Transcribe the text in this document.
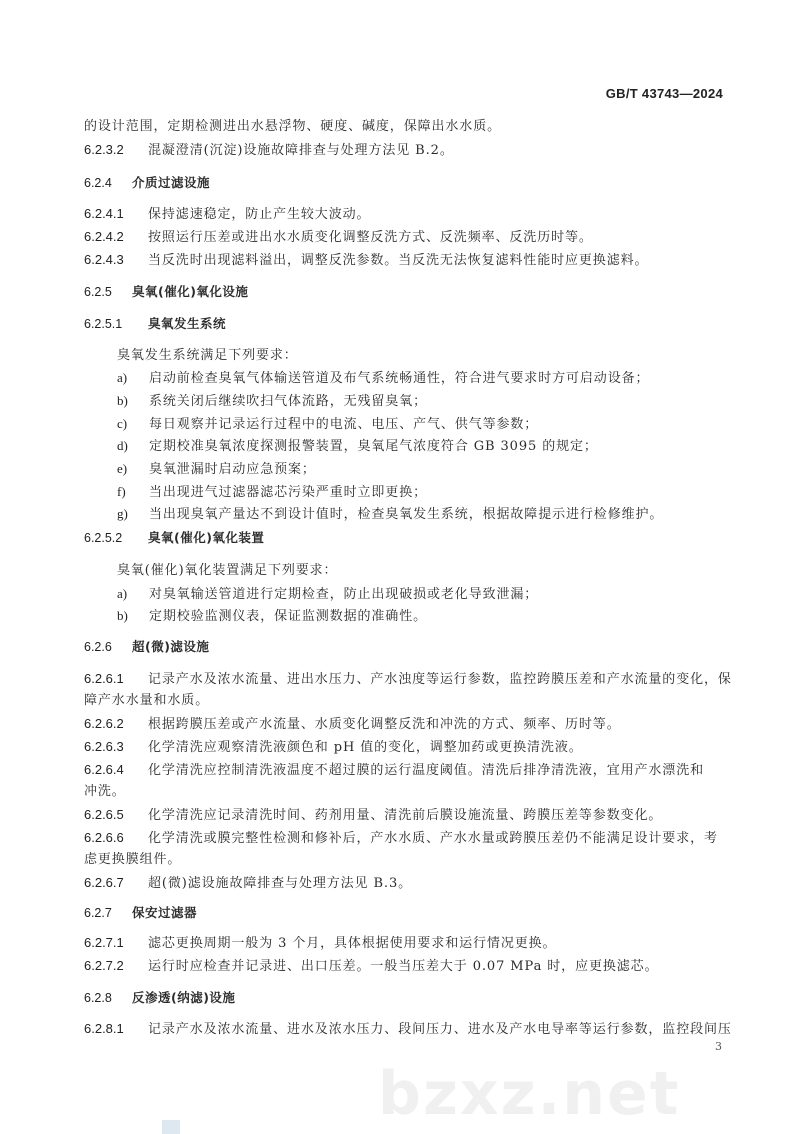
GB/T 43743—2024
的设计范围，定期检测进出水悬浮物、硬度、碱度，保障出水水质。
6.2.3.2 混凝澄清(沉淀)设施故障排查与处理方法见 B.2。
6.2.4 介质过滤设施
6.2.4.1 保持滤速稳定，防止产生较大波动。
6.2.4.2 按照运行压差或进出水水质变化调整反洗方式、反洗频率、反洗历时等。
6.2.4.3 当反洗时出现滤料溢出，调整反洗参数。当反洗无法恢复滤料性能时应更换滤料。
6.2.5 臭氧(催化)氧化设施
6.2.5.1 臭氧发生系统
臭氧发生系统满足下列要求：
a) 启动前检查臭氧气体输送管道及布气系统畅通性，符合进气要求时方可启动设备；
b) 系统关闭后继续吹扫气体流路，无残留臭氧；
c) 每日观察并记录运行过程中的电流、电压、产气、供气等参数；
d) 定期校准臭氧浓度探测报警装置，臭氧尾气浓度符合 GB 3095 的规定；
e) 臭氧泄漏时启动应急预案；
f) 当出现进气过滤器滤芯污染严重时立即更换；
g) 当出现臭氧产量达不到设计值时，检查臭氧发生系统，根据故障提示进行检修维护。
6.2.5.2 臭氧(催化)氧化装置
臭氧(催化)氧化装置满足下列要求：
a) 对臭氧输送管道进行定期检查，防止出现破损或老化导致泄漏；
b) 定期校验监测仪表，保证监测数据的准确性。
6.2.6 超(微)滤设施
6.2.6.1 记录产水及浓水流量、进出水压力、产水浊度等运行参数，监控跨膜压差和产水流量的变化，保
障产水水量和水质。
6.2.6.2 根据跨膜压差或产水流量、水质变化调整反洗和冲洗的方式、频率、历时等。
6.2.6.3 化学清洗应观察清洗液颜色和 pH 值的变化，调整加药或更换清洗液。
6.2.6.4 化学清洗应控制清洗液温度不超过膜的运行温度阈值。清洗后排净清洗液，宜用产水漂洗和
冲洗。
6.2.6.5 化学清洗应记录清洗时间、药剂用量、清洗前后膜设施流量、跨膜压差等参数变化。
6.2.6.6 化学清洗或膜完整性检测和修补后，产水水质、产水水量或跨膜压差仍不能满足设计要求，考
虑更换膜组件。
6.2.6.7 超(微)滤设施故障排查与处理方法见 B.3。
6.2.7 保安过滤器
6.2.7.1 滤芯更换周期一般为 3 个月，具体根据使用要求和运行情况更换。
6.2.7.2 运行时应检查并记录进、出口压差。一般当压差大于 0.07 MPa 时，应更换滤芯。
6.2.8 反渗透(纳滤)设施
6.2.8.1 记录产水及浓水流量、进水及浓水压力、段间压力、进水及产水电导率等运行参数，监控段间压
3
bzxz.net
